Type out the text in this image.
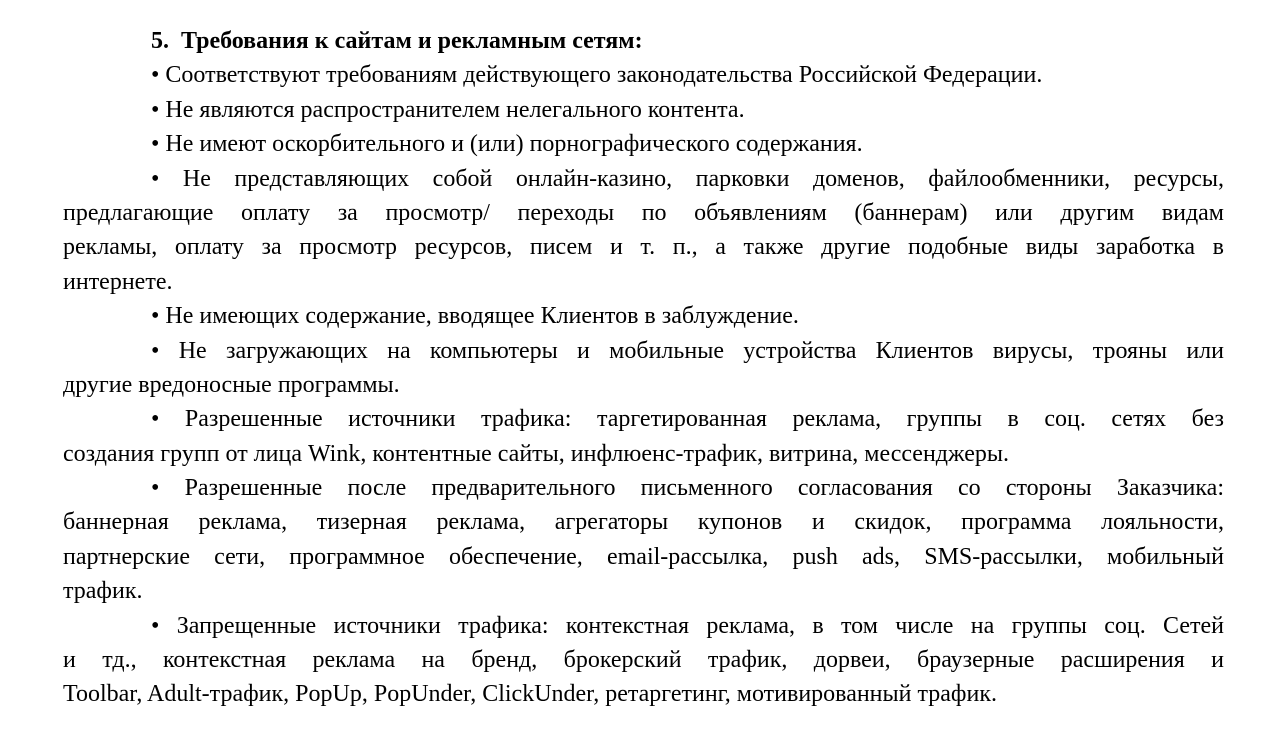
5.  Требования к сайтам и рекламным сетям:
• Соответствуют требованиям действующего законодательства Российской Федерации.
• Не являются распространителем нелегального контента.
• Не имеют оскорбительного и (или) порнографического содержания.
• Не представляющих собой онлайн-казино, парковки доменов, файлообменники, ресурсы,
предлагающие оплату за просмотр/ переходы по объявлениям (баннерам) или другим видам
рекламы, оплату за просмотр ресурсов, писем и т. п., а также другие подобные виды заработка в
интернете.
• Не имеющих содержание, вводящее Клиентов в заблуждение.
• Не загружающих на компьютеры и мобильные устройства Клиентов вирусы, трояны или
другие вредоносные программы.
• Разрешенные источники трафика: таргетированная реклама, группы в соц. сетях без
создания групп от лица Wink, контентные сайты, инфлюенс-трафик, витрина, мессенджеры.
• Разрешенные после предварительного письменного согласования со стороны Заказчика:
баннерная реклама, тизерная реклама, агрегаторы купонов и скидок, программа лояльности,
партнерские сети, программное обеспечение, email-рассылка, push ads, SMS-рассылки, мобильный
трафик.
• Запрещенные источники трафика: контекстная реклама, в том числе на группы соц. Сетей
и тд., контекстная реклама на бренд, брокерский трафик, дорвеи, браузерные расширения и
Toolbar, Adult-трафик, PopUp, PopUnder, ClickUnder, ретаргетинг, мотивированный трафик.
